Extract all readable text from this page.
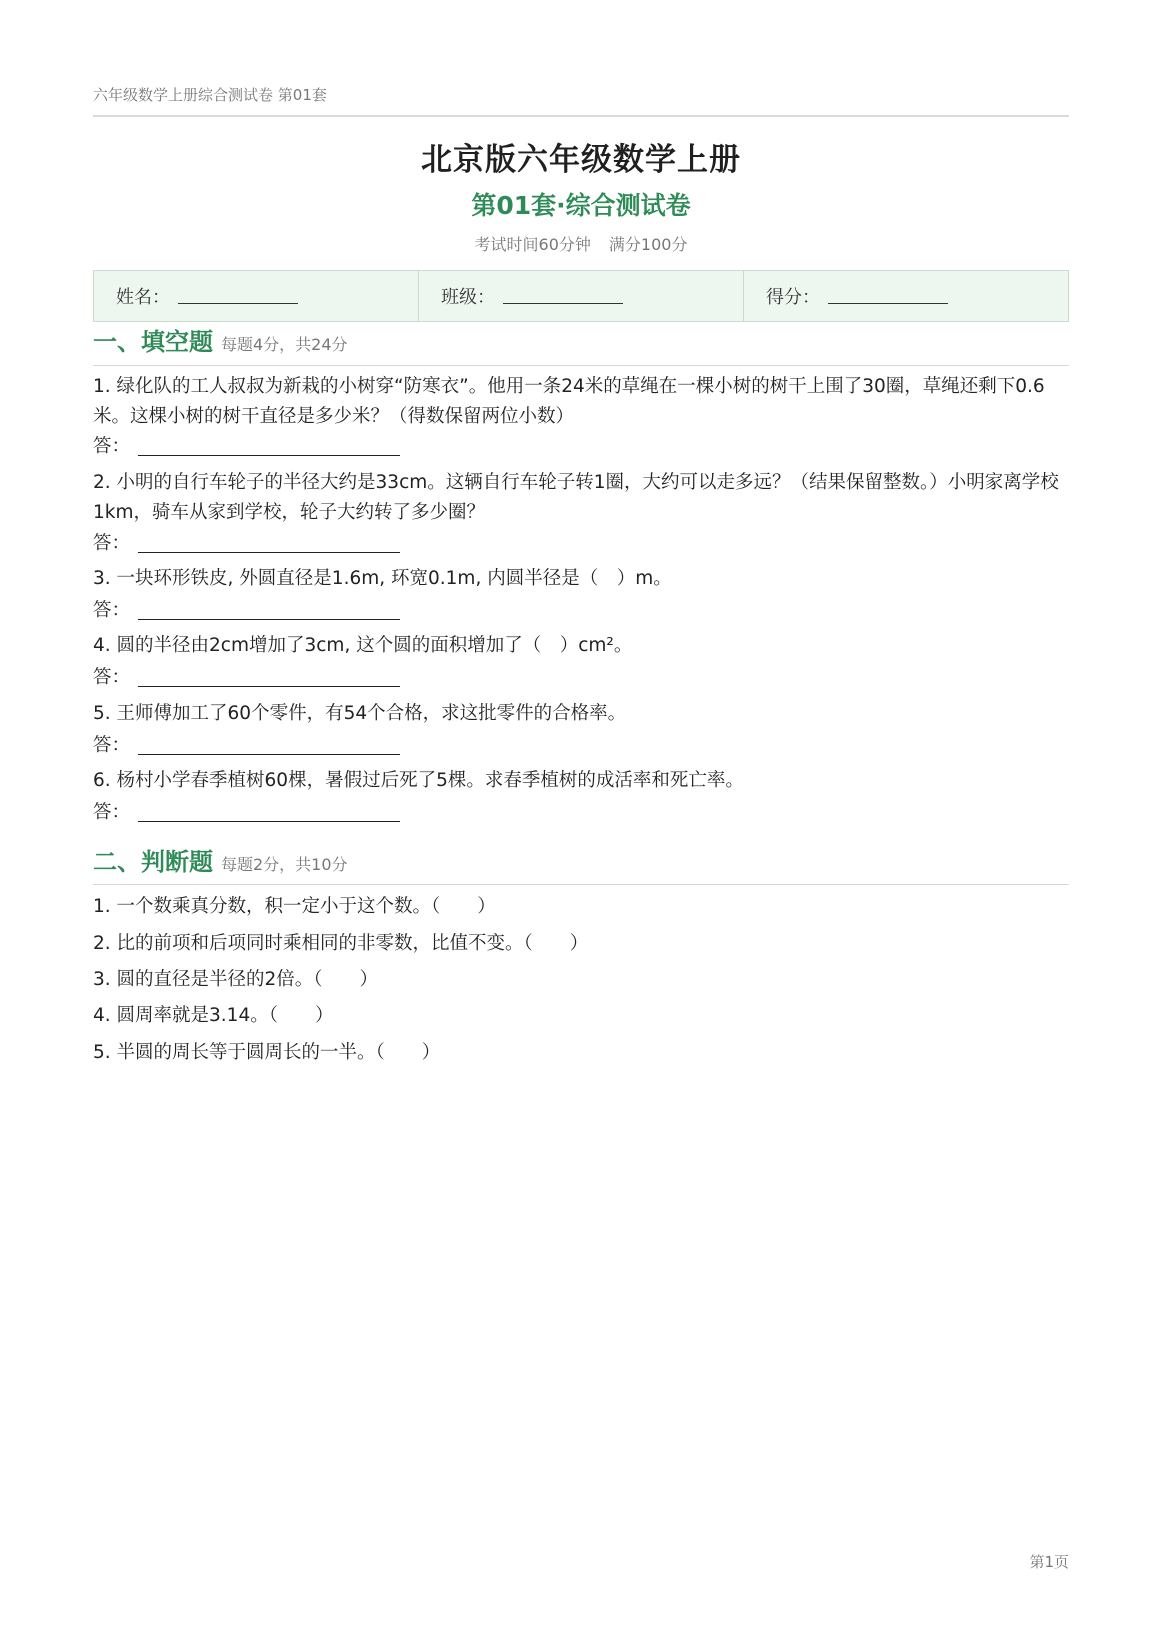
六年级数学上册综合测试卷 第01套
北京版六年级数学上册
第01套·综合测试卷
考试时间60分钟 满分100分
姓名：	班级：	得分：
一、填空题 每题4分，共24分
1. 绿化队的工人叔叔为新栽的小树穿“防寒衣”。他用一条24米的草绳在一棵小树的树干上围了30圈，草绳还剩下0.6米。这棵小树的树干直径是多少米？（得数保留两位小数）
答：
2. 小明的自行车轮子的半径大约是33cm。这辆自行车轮子转1圈，大约可以走多远？（结果保留整数。）小明家离学校1km，骑车从家到学校，轮子大约转了多少圈？
答：
3. 一块环形铁皮, 外圆直径是1.6m, 环宽0.1m, 内圆半径是（　）m。
答：
4. 圆的半径由2cm增加了3cm, 这个圆的面积增加了（　）cm²。
答：
5. 王师傅加工了60个零件，有54个合格，求这批零件的合格率。
答：
6. 杨村小学春季植树60棵，暑假过后死了5棵。求春季植树的成活率和死亡率。
答：
二、判断题 每题2分，共10分
1. 一个数乘真分数，积一定小于这个数。（　　）
2. 比的前项和后项同时乘相同的非零数，比值不变。（　　）
3. 圆的直径是半径的2倍。（　　）
4. 圆周率就是3.14。（　　）
5. 半圆的周长等于圆周长的一半。（　　）
第1页
